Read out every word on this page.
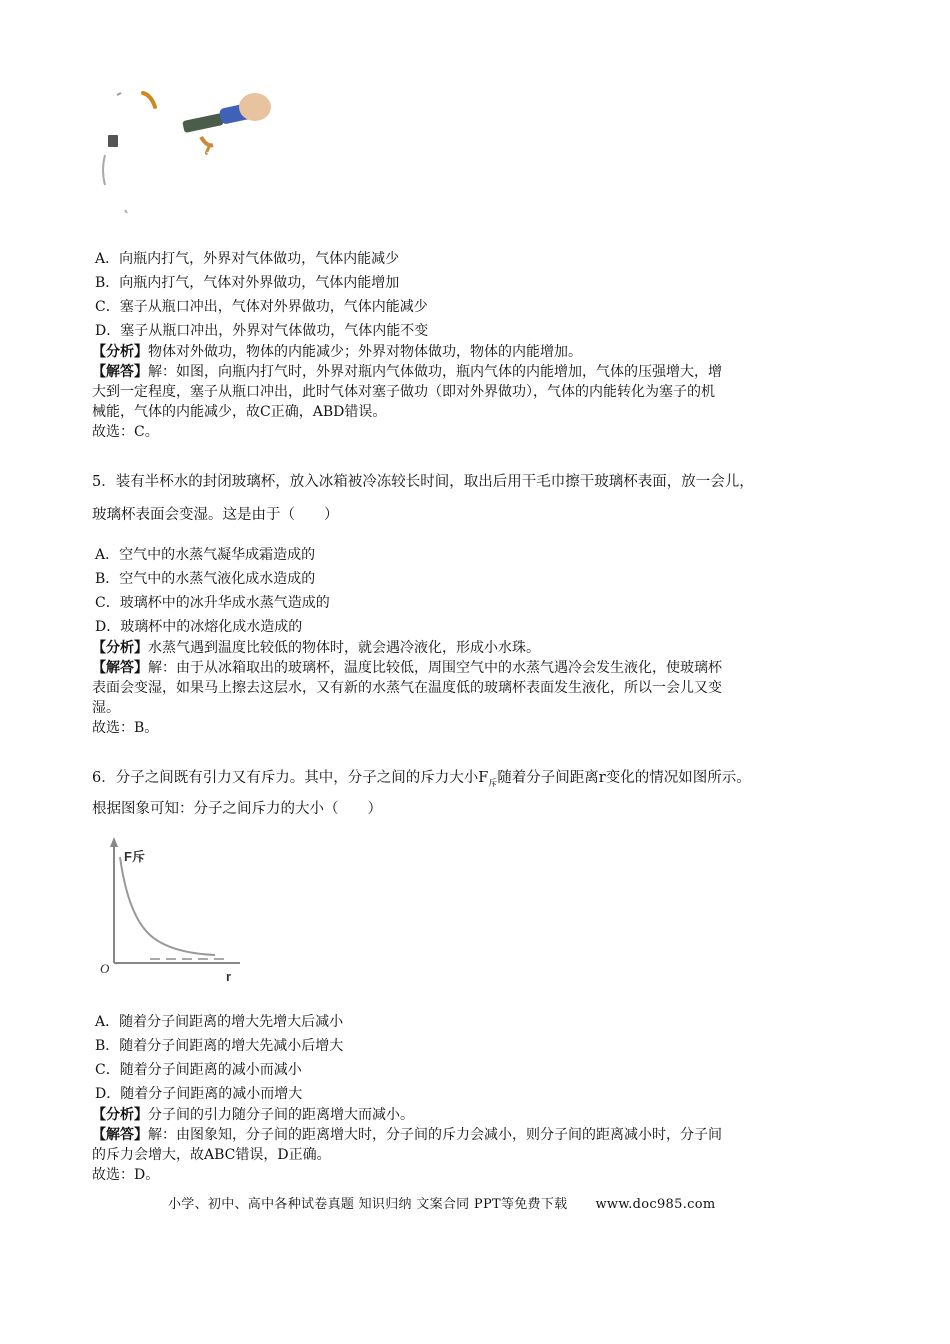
A．向瓶内打气，外界对气体做功，气体内能减少
B．向瓶内打气，气体对外界做功，气体内能增加
C．塞子从瓶口冲出，气体对外界做功，气体内能减少
D．塞子从瓶口冲出，外界对气体做功，气体内能不变
【分析】物体对外做功，物体的内能减少；外界对物体做功，物体的内能增加。
【解答】解：如图，向瓶内打气时，外界对瓶内气体做功，瓶内气体的内能增加，气体的压强增大，增
大到一定程度，塞子从瓶口冲出，此时气体对塞子做功（即对外界做功），气体的内能转化为塞子的机
械能，气体的内能减少，故C正确，ABD错误。
故选：C。
5．装有半杯水的封闭玻璃杯，放入冰箱被冷冻较长时间，取出后用干毛巾擦干玻璃杯表面，放一会儿，
玻璃杯表面会变湿。这是由于（　　）
A．空气中的水蒸气凝华成霜造成的
B．空气中的水蒸气液化成水造成的
C．玻璃杯中的冰升华成水蒸气造成的
D．玻璃杯中的冰熔化成水造成的
【分析】水蒸气遇到温度比较低的物体时，就会遇冷液化，形成小水珠。
【解答】解：由于从冰箱取出的玻璃杯，温度比较低，周围空气中的水蒸气遇冷会发生液化，使玻璃杯
表面会变湿，如果马上擦去这层水，又有新的水蒸气在温度低的玻璃杯表面发生液化，所以一会儿又变
湿。
故选：B。
6．分子之间既有引力又有斥力。其中，分子之间的斥力大小$F_斥$随着分子间距离r变化的情况如图所示。
根据图象可知：分子之间斥力的大小（　　）
F斥
O
r
A．随着分子间距离的增大先增大后减小
B．随着分子间距离的增大先减小后增大
C．随着分子间距离的减小而减小
D．随着分子间距离的减小而增大
【分析】分子间的引力随分子间的距离增大而减小。
【解答】解：由图象知，分子间的距离增大时，分子间的斥力会减小，则分子间的距离减小时，分子间
的斥力会增大，故ABC错误，D正确。
故选：D。
小学、初中、高中各种试卷真题 知识归纳 文案合同 PPT等免费下载 www.doc985.com
